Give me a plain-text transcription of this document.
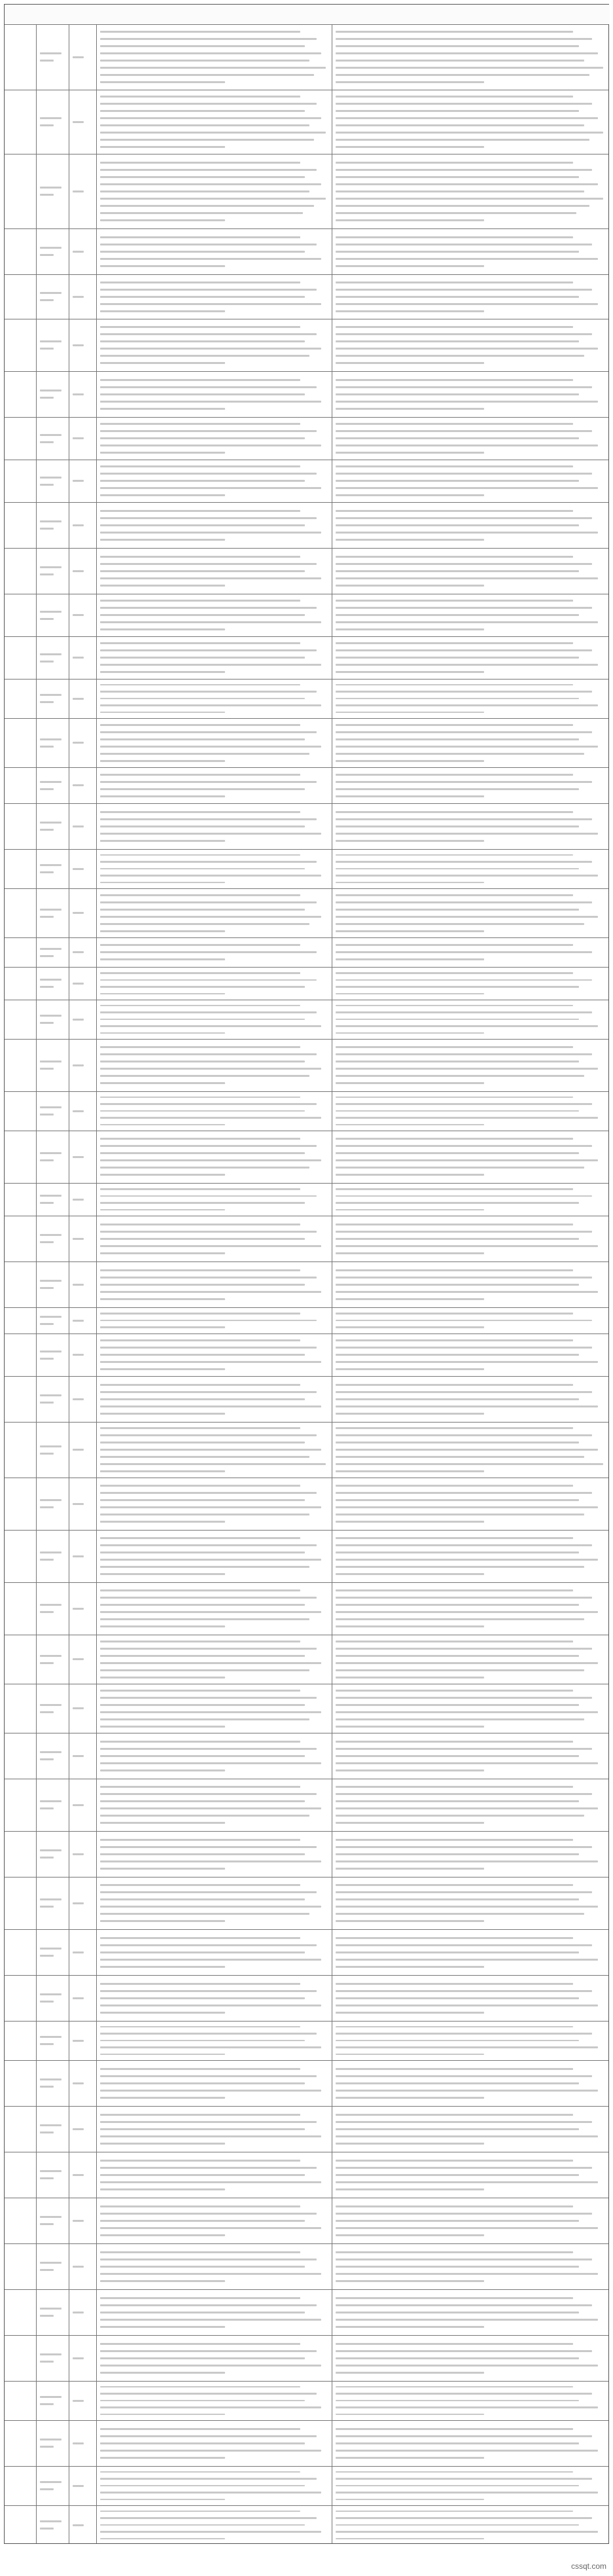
cssqt.com
